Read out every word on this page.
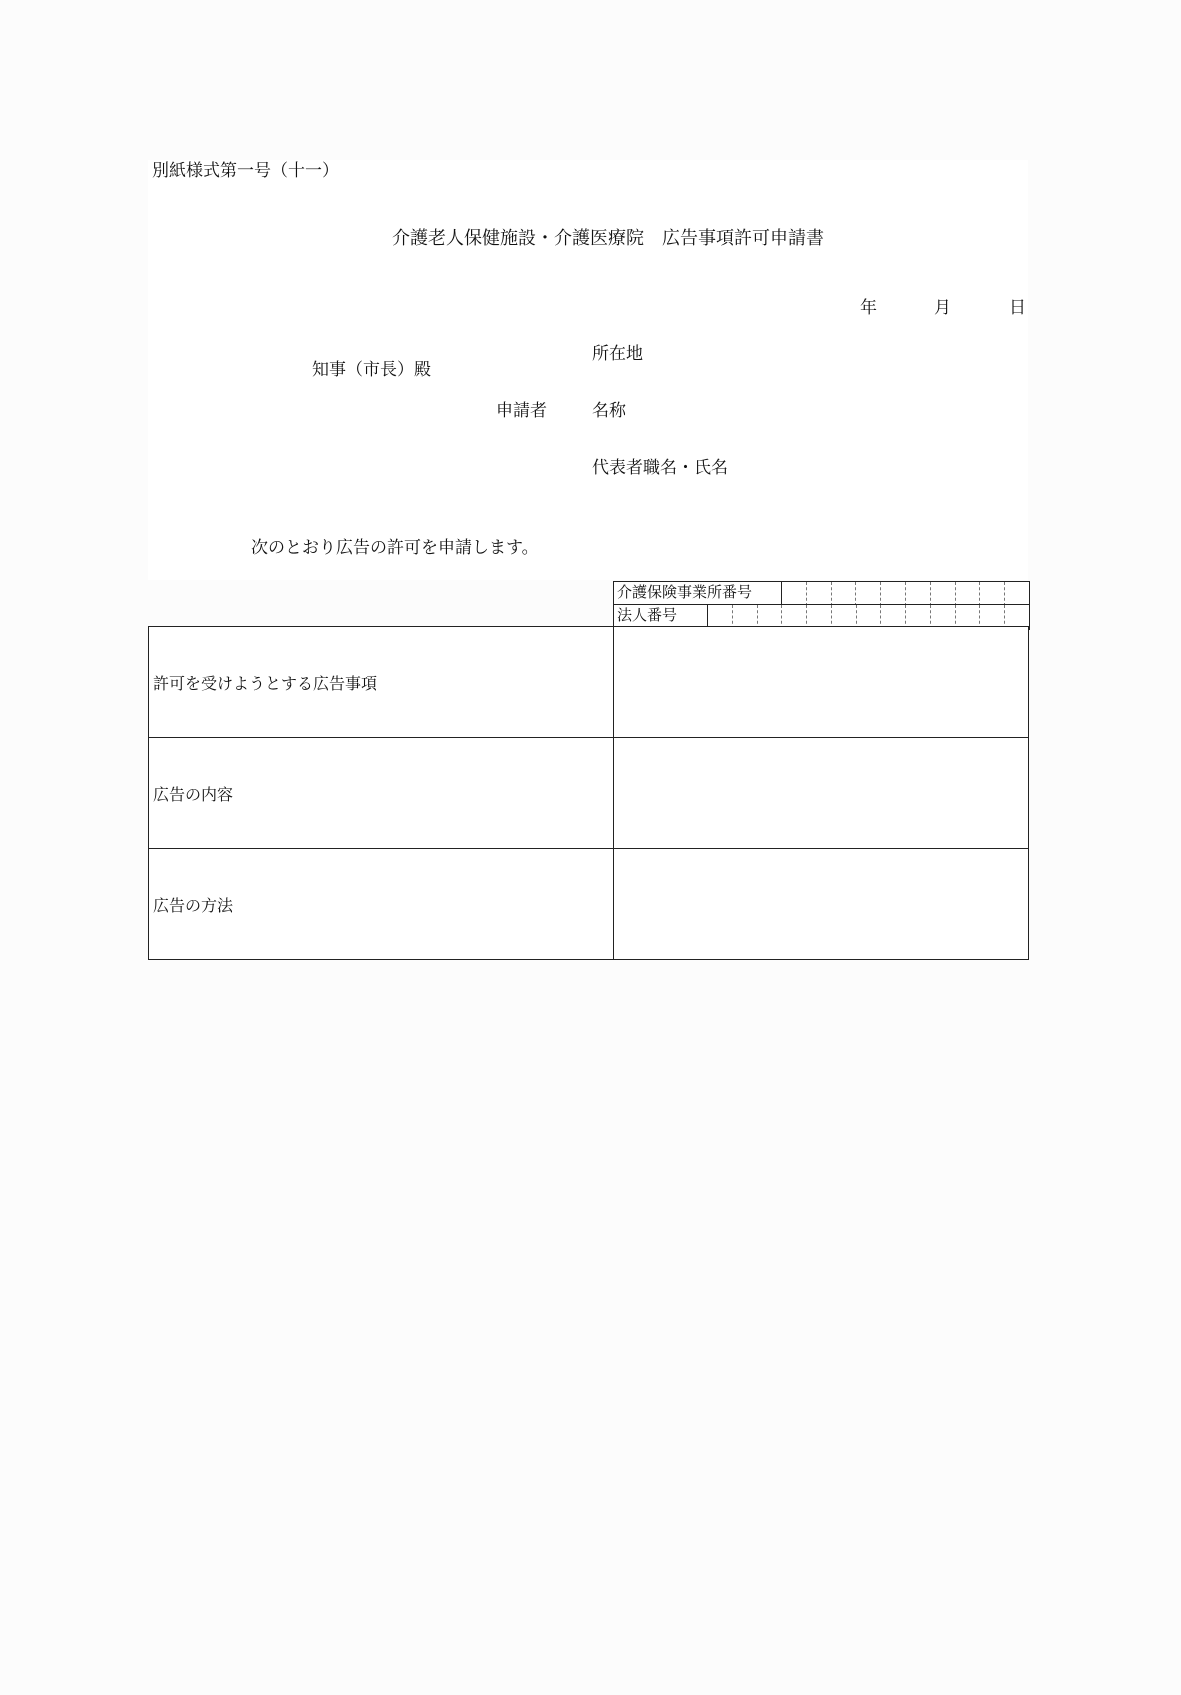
別紙様式第一号（十一）
介護老人保健施設・介護医療院　広告事項許可申請書
年	月	日
知事（市長）殿
所在地
申請者	名称
代表者職名・氏名
次のとおり広告の許可を申請します。
介護保険事業所番号
法人番号
許可を受けようとする広告事項	
広告の内容	
広告の方法	
